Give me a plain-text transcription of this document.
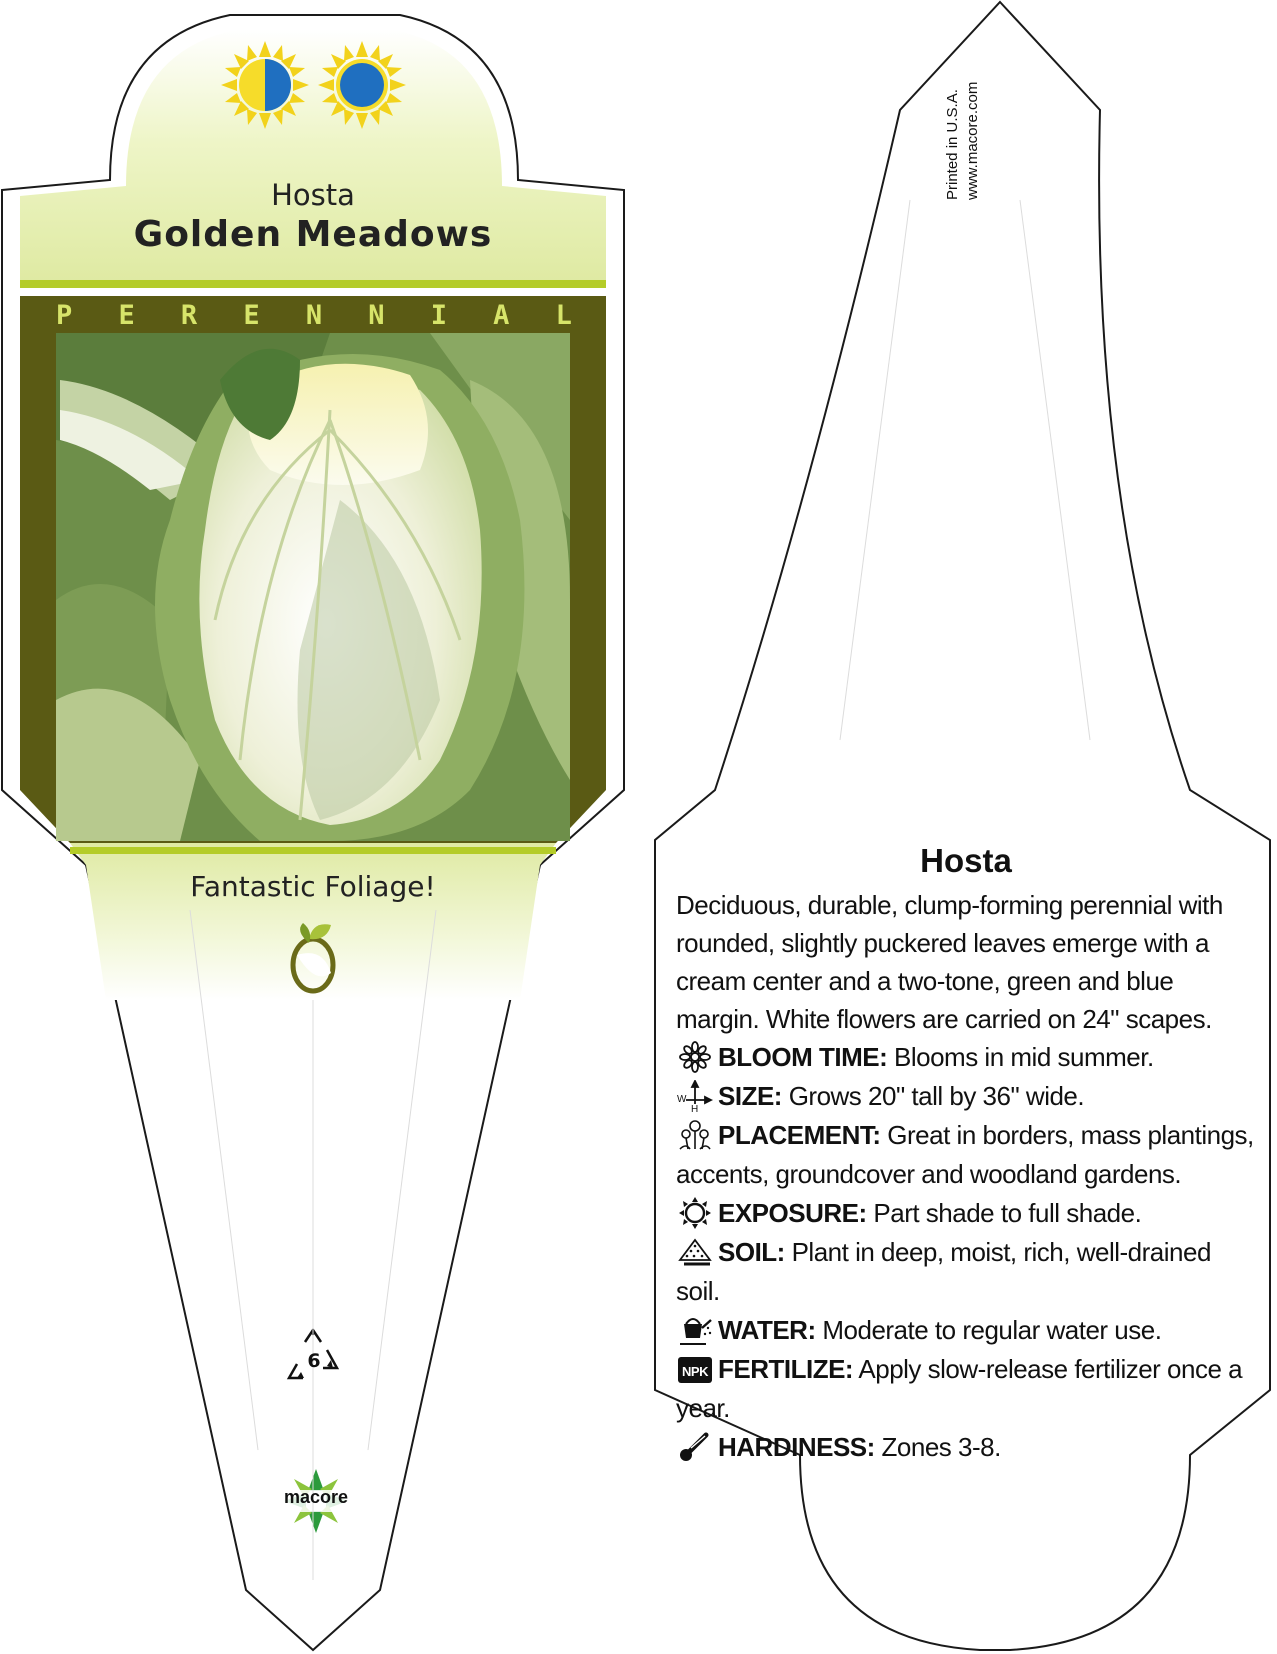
Hosta
Golden Meadows
P E R E N N I A L
Fantastic Foliage!
6
macore
Printed in U.S.A. www.macore.com
Hosta

Deciduous, durable, clump-forming perennial with rounded, slightly puckered leaves emerge with a cream center and a two-tone, green and blue margin. White flowers are carried on 24" scapes.

BLOOM TIME: Blooms in mid summer.
W
H SIZE: Grows 20" tall by 36" wide.
PLACEMENT: Great in borders, mass plantings, accents, groundcover and woodland gardens.
EXPOSURE: Part shade to full shade.
SOIL: Plant in deep, moist, rich, well-drained soil.
WATER: Moderate to regular water use.
NPK FERTILIZE: Apply slow-release fertilizer once a year.
HARDINESS: Zones 3-8.
